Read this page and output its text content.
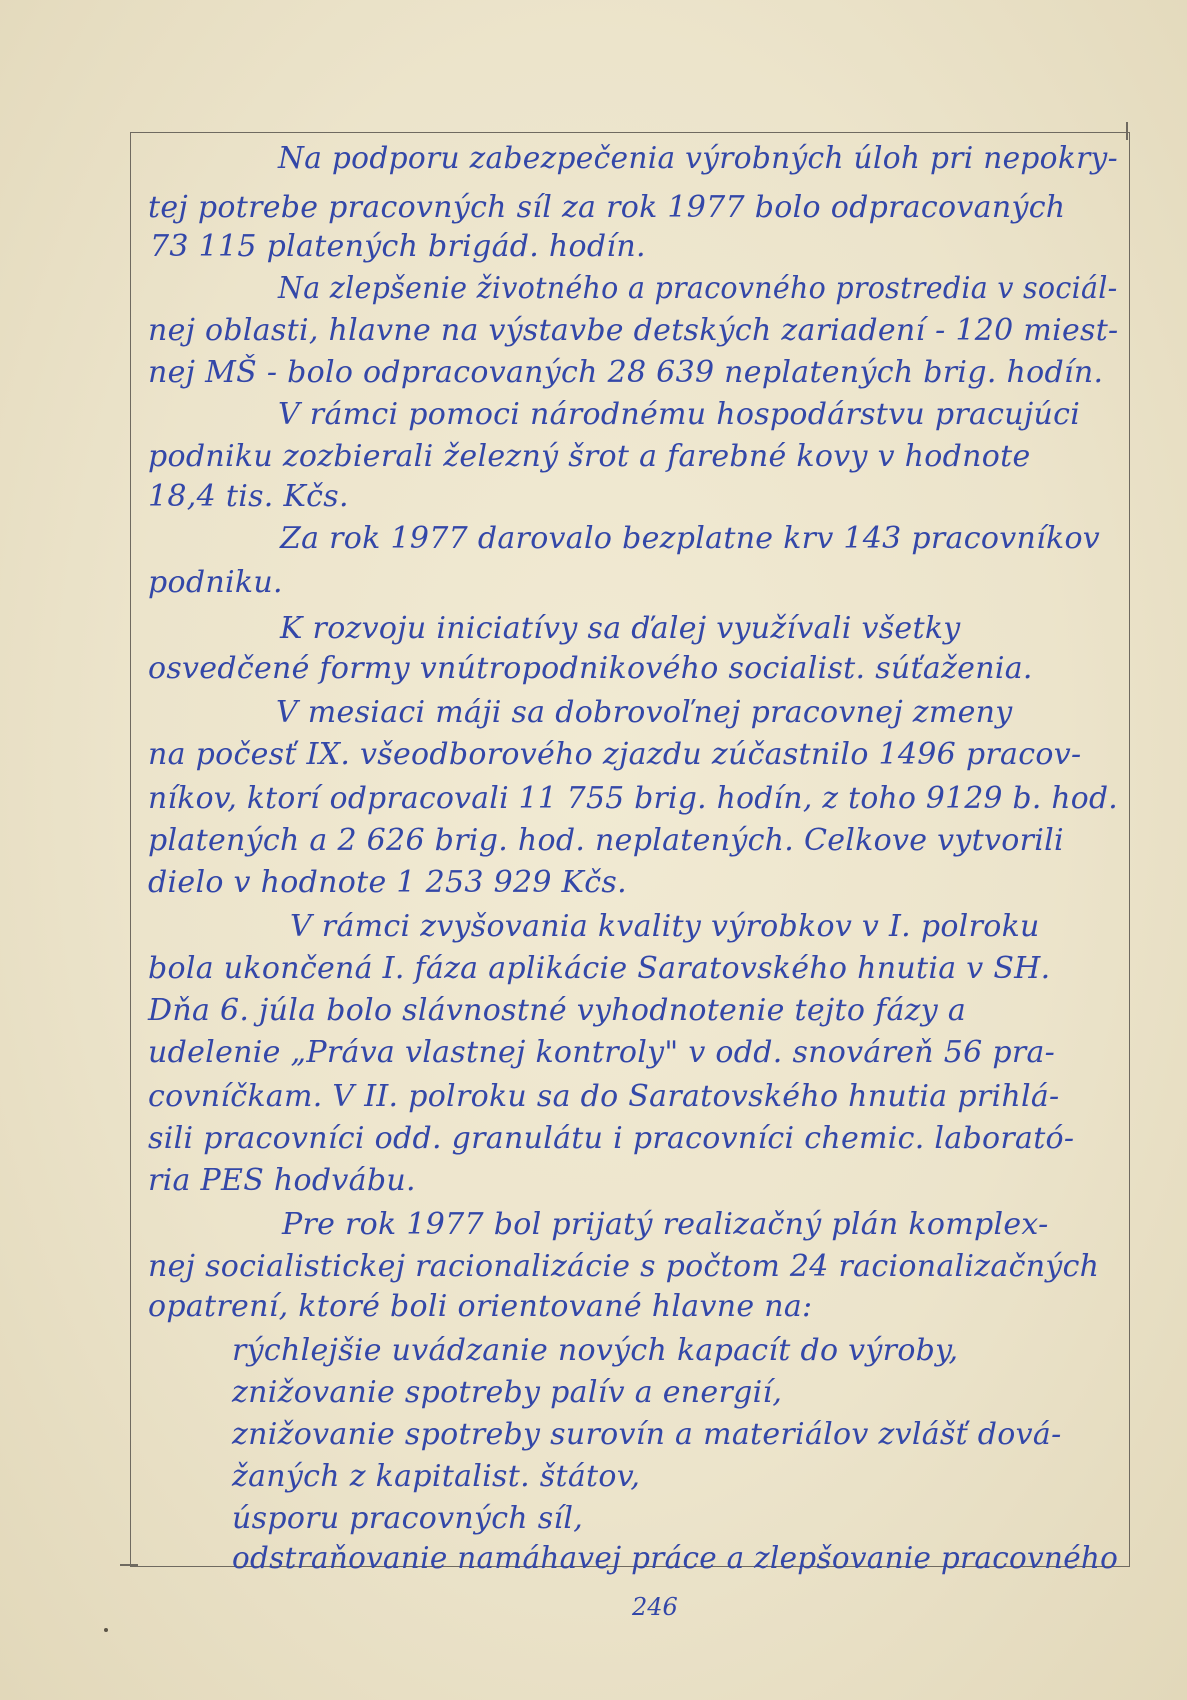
Na podporu zabezpečenia výrobných úloh pri nepokry-

tej potrebe pracovných síl za rok 1977 bolo odpracovaných

73 115 platených brigád. hodín.

Na zlepšenie životného a pracovného prostredia v sociál-

nej oblasti, hlavne na výstavbe detských zariadení - 120 miest-

nej MŠ - bolo odpracovaných 28 639 neplatených brig. hodín.

V rámci pomoci národnému hospodárstvu pracujúci

podniku zozbierali železný šrot a farebné kovy v hodnote

18,4 tis. Kčs.

Za rok 1977 darovalo bezplatne krv 143 pracovníkov

podniku.

K rozvoju iniciatívy sa ďalej využívali všetky

osvedčené formy vnútropodnikového socialist. súťaženia.

V mesiaci máji sa dobrovoľnej pracovnej zmeny

na počesť IX. všeodborového zjazdu zúčastnilo 1496 pracov-

níkov, ktorí odpracovali 11 755 brig. hodín, z toho 9129 b. hod.

platených a 2 626 brig. hod. neplatených. Celkove vytvorili

dielo v hodnote 1 253 929 Kčs.

V rámci zvyšovania kvality výrobkov v I. polroku

bola ukončená I. fáza aplikácie Saratovského hnutia v SH.

Dňa 6. júla bolo slávnostné vyhodnotenie tejto fázy a

udelenie „Práva vlastnej kontroly" v odd. snováreň 56 pra-

covníčkam. V II. polroku sa do Saratovského hnutia prihlá-

sili pracovníci odd. granulátu i pracovníci chemic. laborató-

ria PES hodvábu.

Pre rok 1977 bol prijatý realizačný plán komplex-

nej socialistickej racionalizácie s počtom 24 racionalizačných

opatrení, ktoré boli orientované hlavne na:

rýchlejšie uvádzanie nových kapacít do výroby,

znižovanie spotreby palív a energií,

znižovanie spotreby surovín a materiálov zvlášť dová-

žaných z kapitalist. štátov,

úsporu pracovných síl,

odstraňovanie namáhavej práce a zlepšovanie pracovného

246
